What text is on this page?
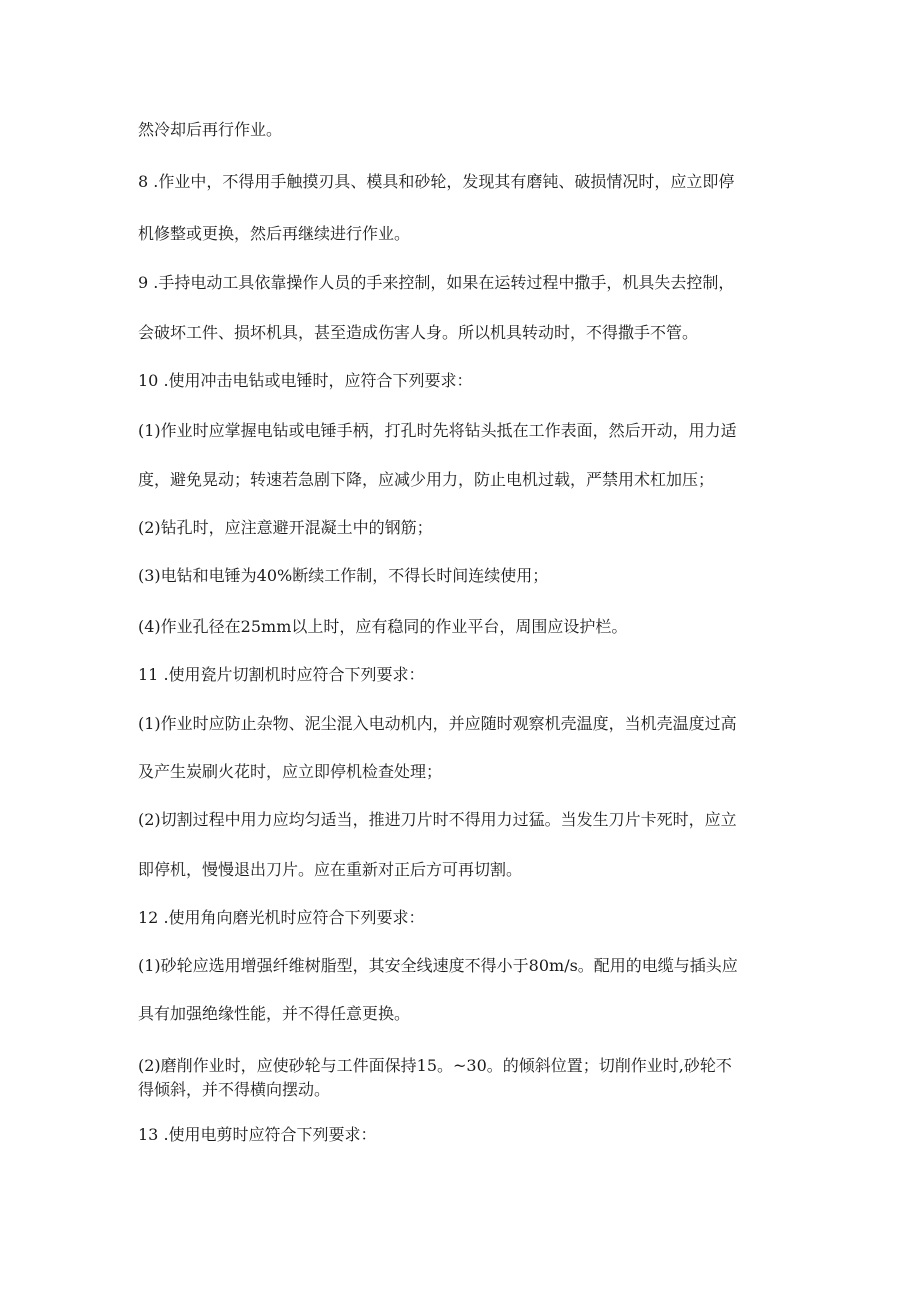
然冷却后再行作业。
8 .作业中，不得用手触摸刃具、模具和砂轮，发现其有磨钝、破损情况时，应立即停
机修整或更换，然后再继续进行作业。
9 .手持电动工具依靠操作人员的手来控制，如果在运转过程中撒手，机具失去控制，
会破坏工件、损坏机具，甚至造成伤害人身。所以机具转动时，不得撒手不管。
10 .使用冲击电钻或电锤时，应符合下列要求：
(1)作业时应掌握电钻或电锤手柄，打孔时先将钻头抵在工作表面，然后开动，用力适
度，避免晃动；转速若急剧下降，应减少用力，防止电机过载，严禁用术杠加压；
(2)钻孔时，应注意避开混凝土中的钢筋；
(3)电钻和电锤为40%断续工作制，不得长时间连续使用；
(4)作业孔径在25mm以上时，应有稳同的作业平台，周围应设护栏。
11 .使用瓷片切割机时应符合下列要求：
(1)作业时应防止杂物、泥尘混入电动机内，并应随时观察机壳温度，当机壳温度过高
及产生炭刷火花时，应立即停机检查处理；
(2)切割过程中用力应均匀适当，推进刀片时不得用力过猛。当发生刀片卡死时，应立
即停机，慢慢退出刀片。应在重新对正后方可再切割。
12 .使用角向磨光机时应符合下列要求：
(1)砂轮应选用增强纤维树脂型，其安全线速度不得小于80m/s。配用的电缆与插头应
具有加强绝缘性能，并不得任意更换。
(2)磨削作业时，应使砂轮与工件面保持15。~30。的倾斜位置；切削作业时,砂轮不
得倾斜，并不得横向摆动。
13 .使用电剪时应符合下列要求：
